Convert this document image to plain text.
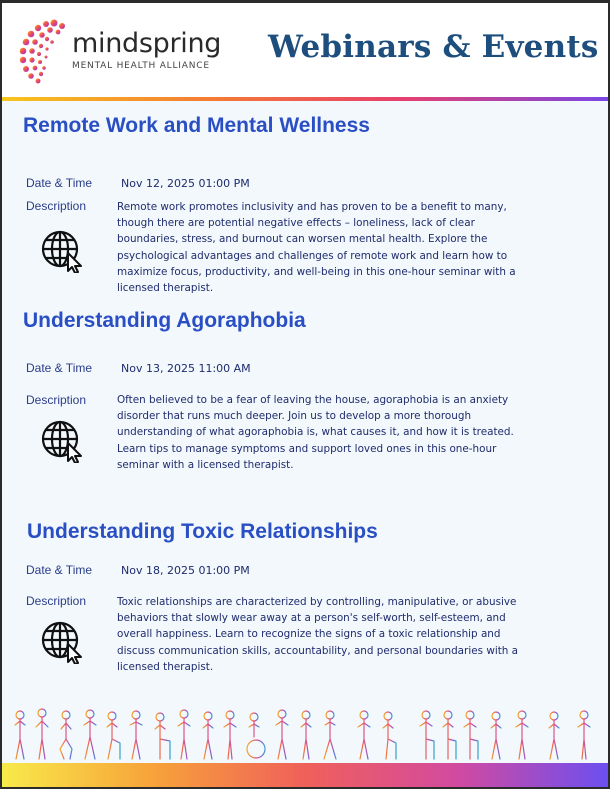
mindspring
MENTAL HEALTH ALLIANCE
Webinars & Events
Remote Work and Mental Wellness
Date & Time	Nov 12, 2025 01:00 PM
Description	Remote work promotes inclusivity and has proven to be a benefit to many, though there are potential negative effects – loneliness, lack of clear boundaries, stress, and burnout can worsen mental health. Explore the psychological advantages and challenges of remote work and learn how to maximize focus, productivity, and well-being in this one-hour seminar with a licensed therapist.
Understanding Agoraphobia
Date & Time	Nov 13, 2025 11:00 AM
Description	Often believed to be a fear of leaving the house, agoraphobia is an anxiety disorder that runs much deeper. Join us to develop a more thorough understanding of what agoraphobia is, what causes it, and how it is treated. Learn tips to manage symptoms and support loved ones in this one-hour seminar with a licensed therapist.
Understanding Toxic Relationships
Date & Time	Nov 18, 2025 01:00 PM
Description	Toxic relationships are characterized by controlling, manipulative, or abusive behaviors that slowly wear away at a person's self-worth, self-esteem, and overall happiness. Learn to recognize the signs of a toxic relationship and discuss communication skills, accountability, and personal boundaries with a licensed therapist.
